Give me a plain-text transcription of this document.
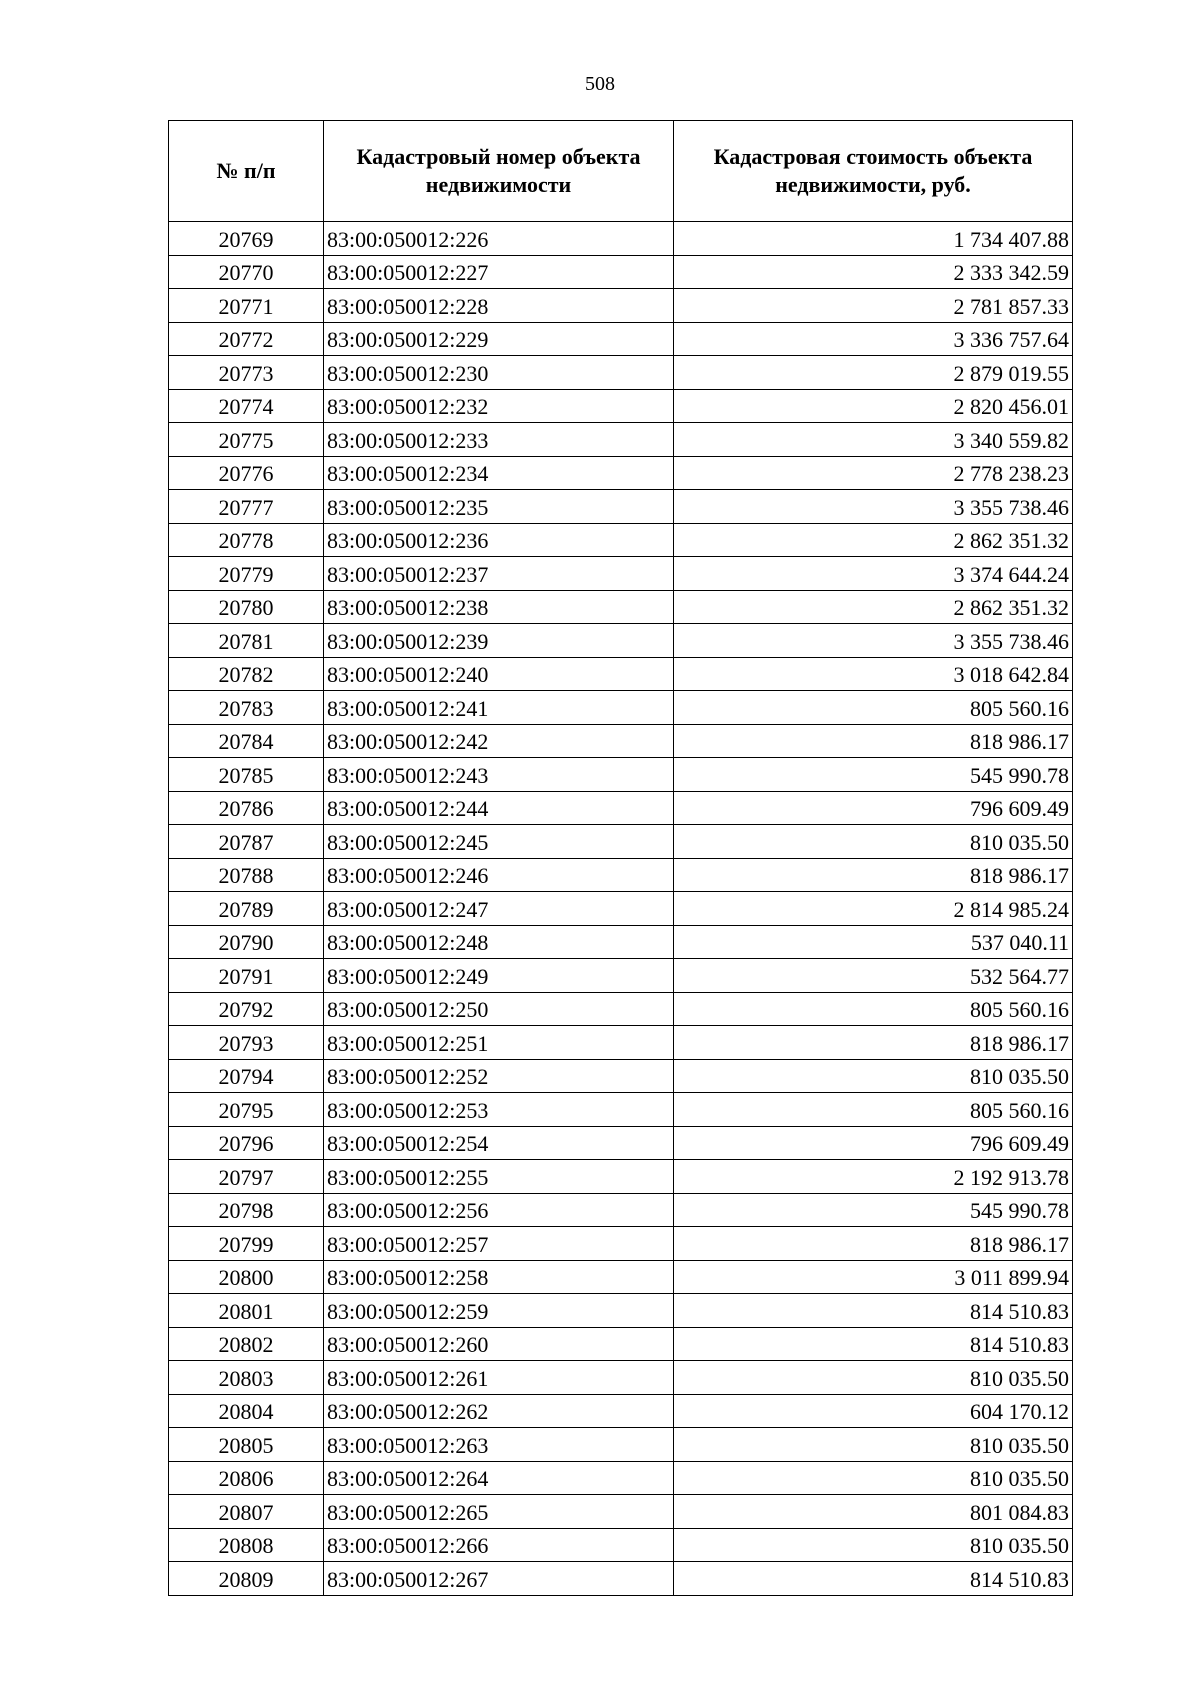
508
№ п/п	Кадастровый номер объекта недвижимости	Кадастровая стоимость объекта недвижимости, руб.
20769	83:00:050012:226	1 734 407.88
20770	83:00:050012:227	2 333 342.59
20771	83:00:050012:228	2 781 857.33
20772	83:00:050012:229	3 336 757.64
20773	83:00:050012:230	2 879 019.55
20774	83:00:050012:232	2 820 456.01
20775	83:00:050012:233	3 340 559.82
20776	83:00:050012:234	2 778 238.23
20777	83:00:050012:235	3 355 738.46
20778	83:00:050012:236	2 862 351.32
20779	83:00:050012:237	3 374 644.24
20780	83:00:050012:238	2 862 351.32
20781	83:00:050012:239	3 355 738.46
20782	83:00:050012:240	3 018 642.84
20783	83:00:050012:241	805 560.16
20784	83:00:050012:242	818 986.17
20785	83:00:050012:243	545 990.78
20786	83:00:050012:244	796 609.49
20787	83:00:050012:245	810 035.50
20788	83:00:050012:246	818 986.17
20789	83:00:050012:247	2 814 985.24
20790	83:00:050012:248	537 040.11
20791	83:00:050012:249	532 564.77
20792	83:00:050012:250	805 560.16
20793	83:00:050012:251	818 986.17
20794	83:00:050012:252	810 035.50
20795	83:00:050012:253	805 560.16
20796	83:00:050012:254	796 609.49
20797	83:00:050012:255	2 192 913.78
20798	83:00:050012:256	545 990.78
20799	83:00:050012:257	818 986.17
20800	83:00:050012:258	3 011 899.94
20801	83:00:050012:259	814 510.83
20802	83:00:050012:260	814 510.83
20803	83:00:050012:261	810 035.50
20804	83:00:050012:262	604 170.12
20805	83:00:050012:263	810 035.50
20806	83:00:050012:264	810 035.50
20807	83:00:050012:265	801 084.83
20808	83:00:050012:266	810 035.50
20809	83:00:050012:267	814 510.83
